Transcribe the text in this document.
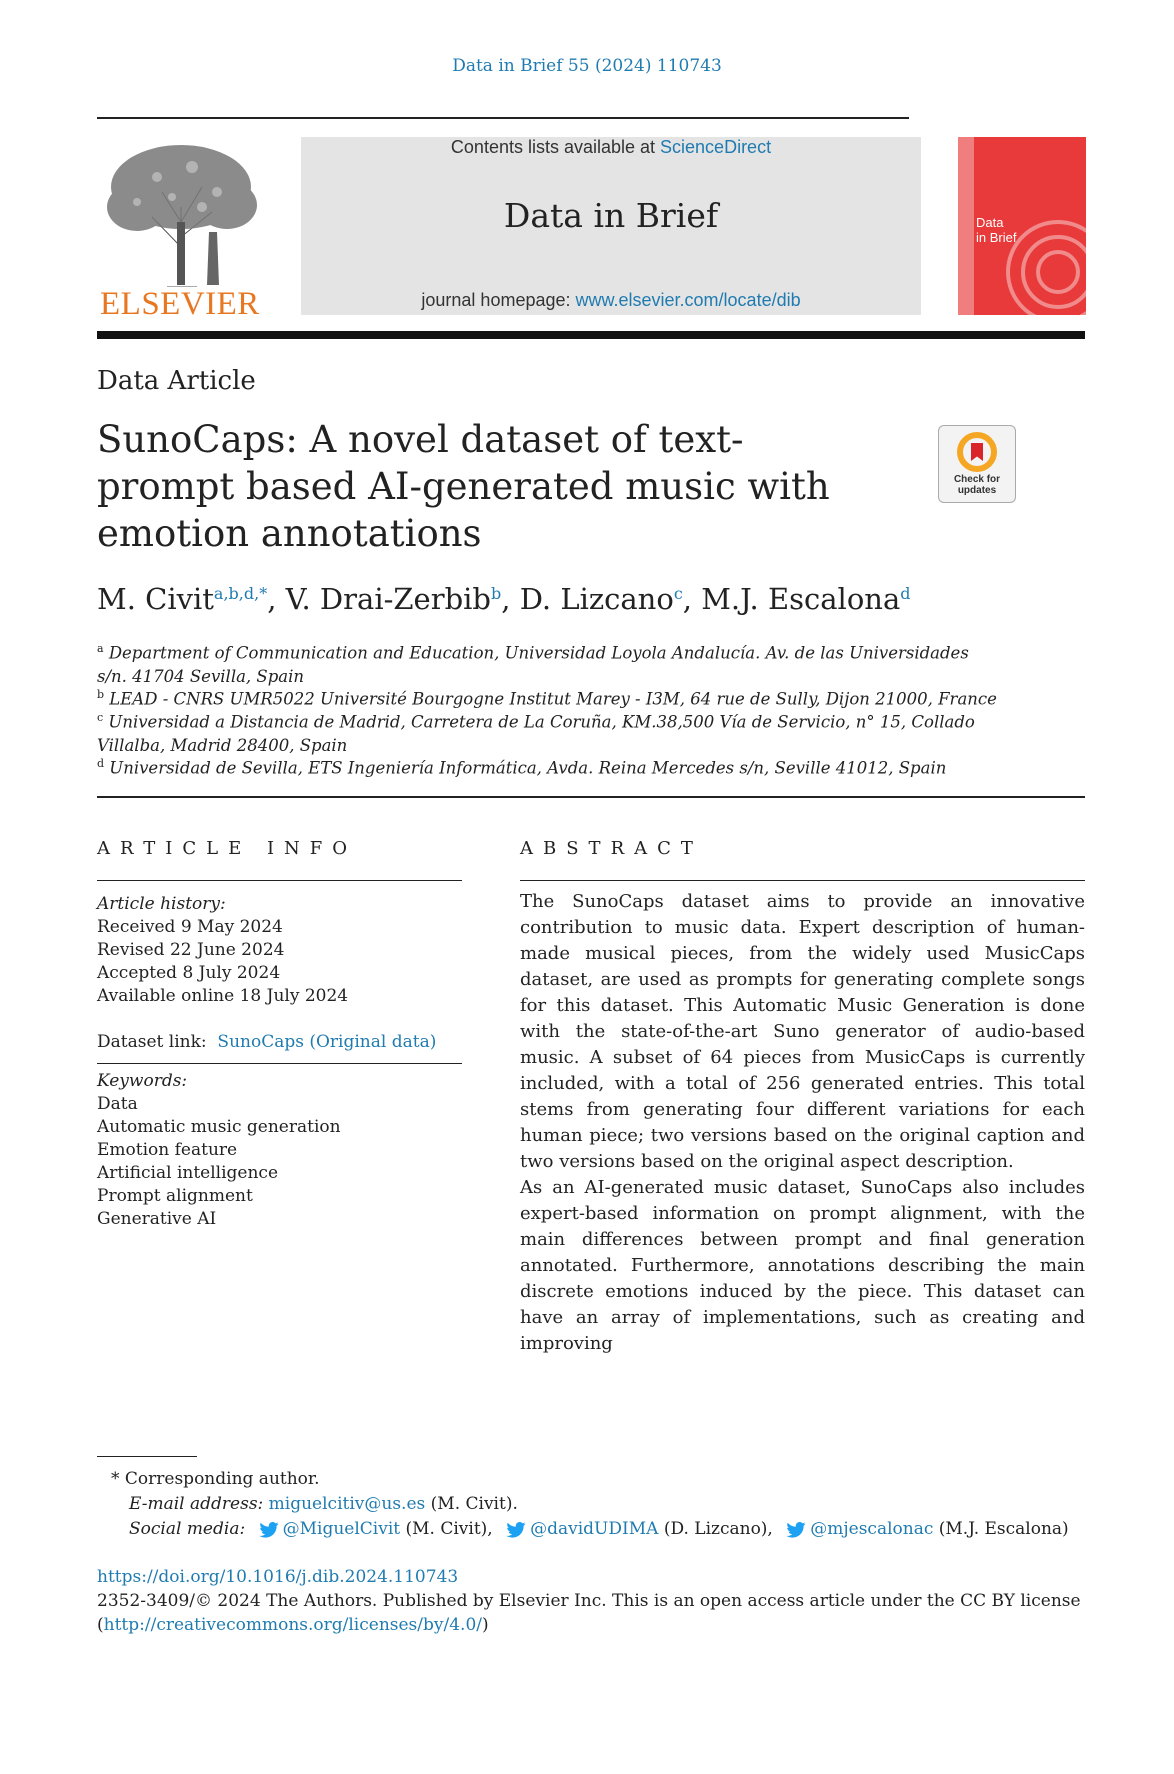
Data in Brief 55 (2024) 110743
ELSEVIER
Contents lists available at ScienceDirect
Data in Brief
journal homepage: www.elsevier.com/locate/dib
Data
in Brief
Data Article
SunoCaps: A novel dataset of text-prompt based AI-generated music with emotion annotations
Check for
updates
M. Civit$^{a,b,d,*}$, V. Drai-Zerbib$^b$, D. Lizcano$^c$, M.J. Escalona$^d$
$^a$ Department of Communication and Education, Universidad Loyola Andalucía. Av. de las Universidades s/n. 41704 Sevilla, Spain
$^b$ LEAD - CNRS UMR5022 Université Bourgogne Institut Marey - I3M, 64 rue de Sully, Dijon 21000, France
$^c$ Universidad a Distancia de Madrid, Carretera de La Coruña, KM.38,500 Vía de Servicio, n° 15, Collado Villalba, Madrid 28400, Spain
$^d$ Universidad de Sevilla, ETS Ingeniería Informática, Avda. Reina Mercedes s/n, Seville 41012, Spain
ARTICLE INFO
Article history:
Received 9 May 2024
Revised 22 June 2024
Accepted 8 July 2024
Available online 18 July 2024
Dataset link: SunoCaps (Original data)
Keywords:
Data
Automatic music generation
Emotion feature
Artificial intelligence
Prompt alignment
Generative AI
ABSTRACT

The SunoCaps dataset aims to provide an innovative contribution to music data. Expert description of human-made musical pieces, from the widely used MusicCaps dataset, are used as prompts for generating complete songs for this dataset. This Automatic Music Generation is done with the state-of-the-art Suno generator of audio-based music. A subset of 64 pieces from MusicCaps is currently included, with a total of 256 generated entries. This total stems from generating four different variations for each human piece; two versions based on the original caption and two versions based on the original aspect description.

As an AI-generated music dataset, SunoCaps also includes expert-based information on prompt alignment, with the main differences between prompt and final generation annotated. Furthermore, annotations describing the main discrete emotions induced by the piece. This dataset can have an array of implementations, such as creating and improving

* Corresponding author.
E-mail address: miguelcitiv@us.es (M. Civit).
Social media: @MiguelCivit (M. Civit), @davidUDIMA (D. Lizcano), @mjescalonac (M.J. Escalona)
https://doi.org/10.1016/j.dib.2024.110743
2352-3409/© 2024 The Authors. Published by Elsevier Inc. This is an open access article under the CC BY license
(http://creativecommons.org/licenses/by/4.0/)
